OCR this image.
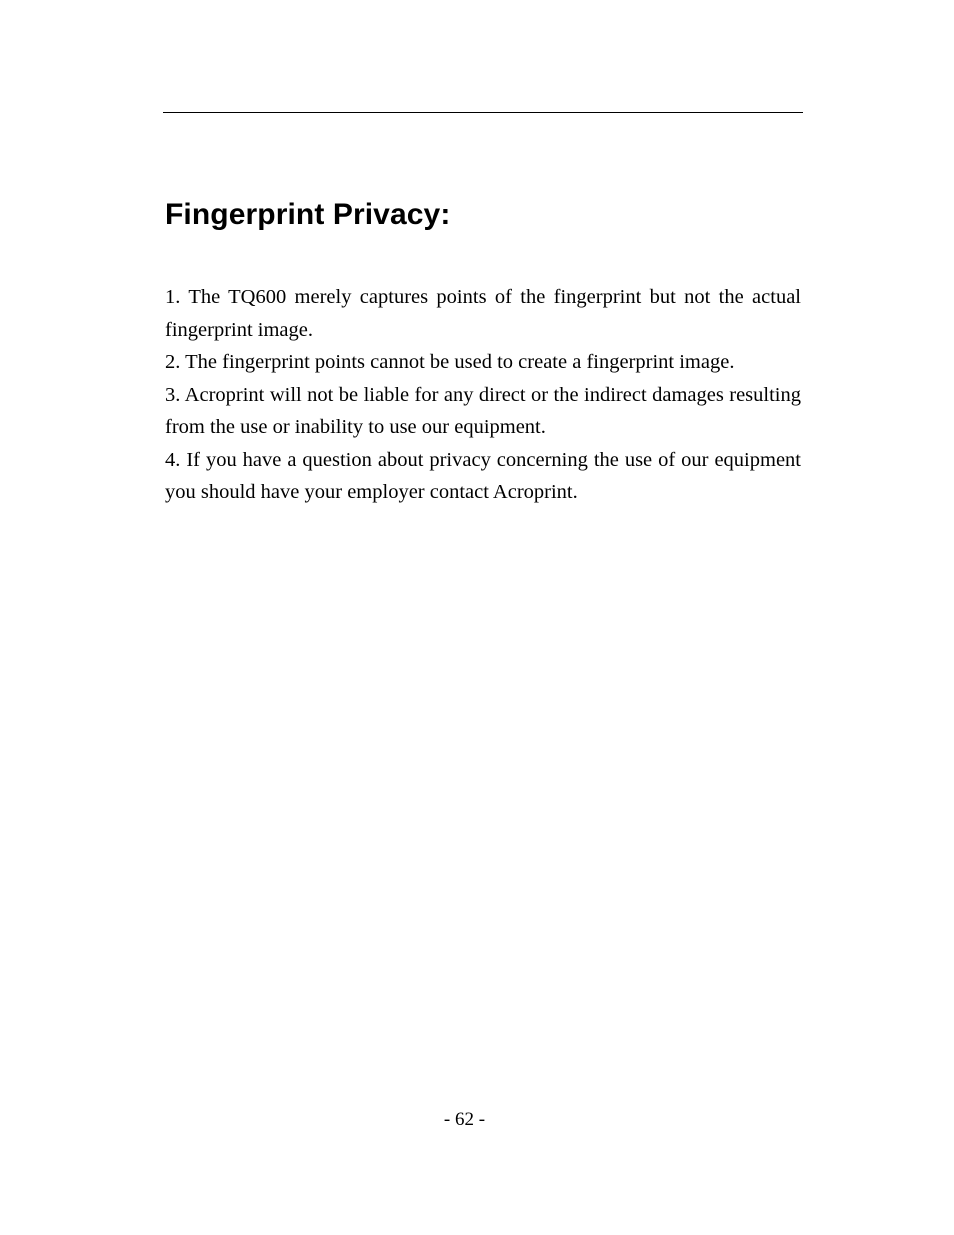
Fingerprint Privacy:

1. The TQ600 merely captures points of the fingerprint but not the actual fingerprint image.

2. The fingerprint points cannot be used to create a fingerprint image.

3. Acroprint will not be liable for any direct or the indirect damages resulting from the use or inability to use our equipment.

4. If you have a question about privacy concerning the use of our equipment you should have your employer contact Acroprint.

- 62 -
